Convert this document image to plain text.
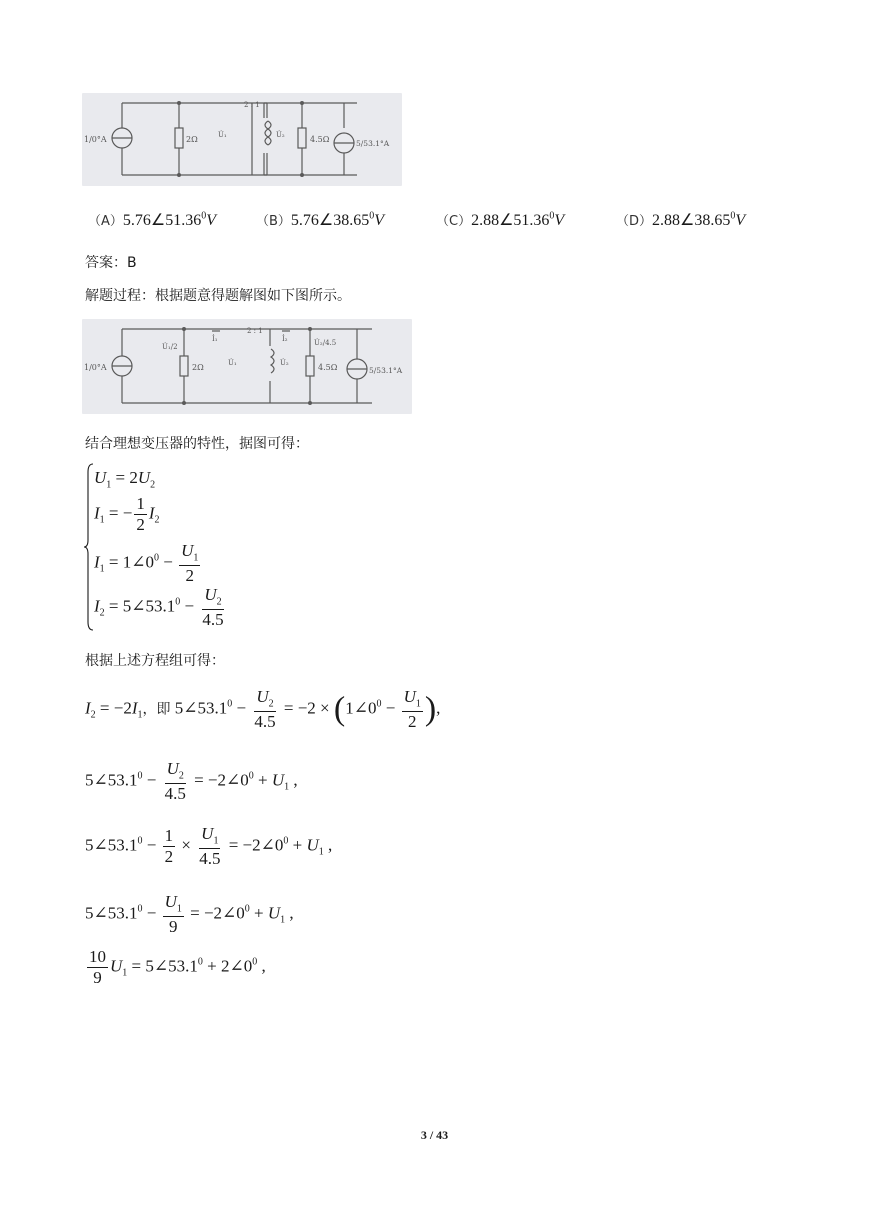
1/0°A	2Ω
2 : 1
U̇₁	U̇₂	4.5Ω	5/53.1°A
（A）5.76∠51.36$^0$V	（B）5.76∠38.65$^0$V	（C）2.88∠51.36$^0$V	（D）2.88∠38.65$^0$V
答案：B
解题过程：根据题意得题解图如下图所示。
1/0°A
U̇₁/2
2Ω
İ₁
2 : 1
U̇₁	U̇₂
İ₂	U̇₂/4.5
4.5Ω	5/53.1°A
结合理想变压器的特性，据图可得：
$U_1 = 2U_2$
$I_1$ = − $\frac{1}{2} I_2$
$I_1$ = $1\angle 0^0 - \frac{U_1}{2}$
$I_2$ = $5\angle 53.1^0 - \frac{U_2}{4.5}$
根据上述方程组可得：
$I_2 = -2I_1$，即 $5\angle 53.1^0 - \frac{U_2}{4.5} = -2$ × ($1\angle 0^0 - \frac{U_1}{2}$ ),
$5\angle 53.1^0 - \frac{U_2}{4.5}$ = $-2\angle 0^0 + U_1$ ,
$5\angle 53.1^0 - \frac{1}{2} \times \frac{U_1}{4.5}$ = $-2\angle 0^0 + U_1$ ,
$5\angle 53.1^0 - \frac{U_1}{9}$ = $-2\angle 0^0 + U_1$ ,
$\frac{10}{9} U_1$ = $5\angle 53.1^0$ + $2\angle 0^0$ ,
3 / 43
